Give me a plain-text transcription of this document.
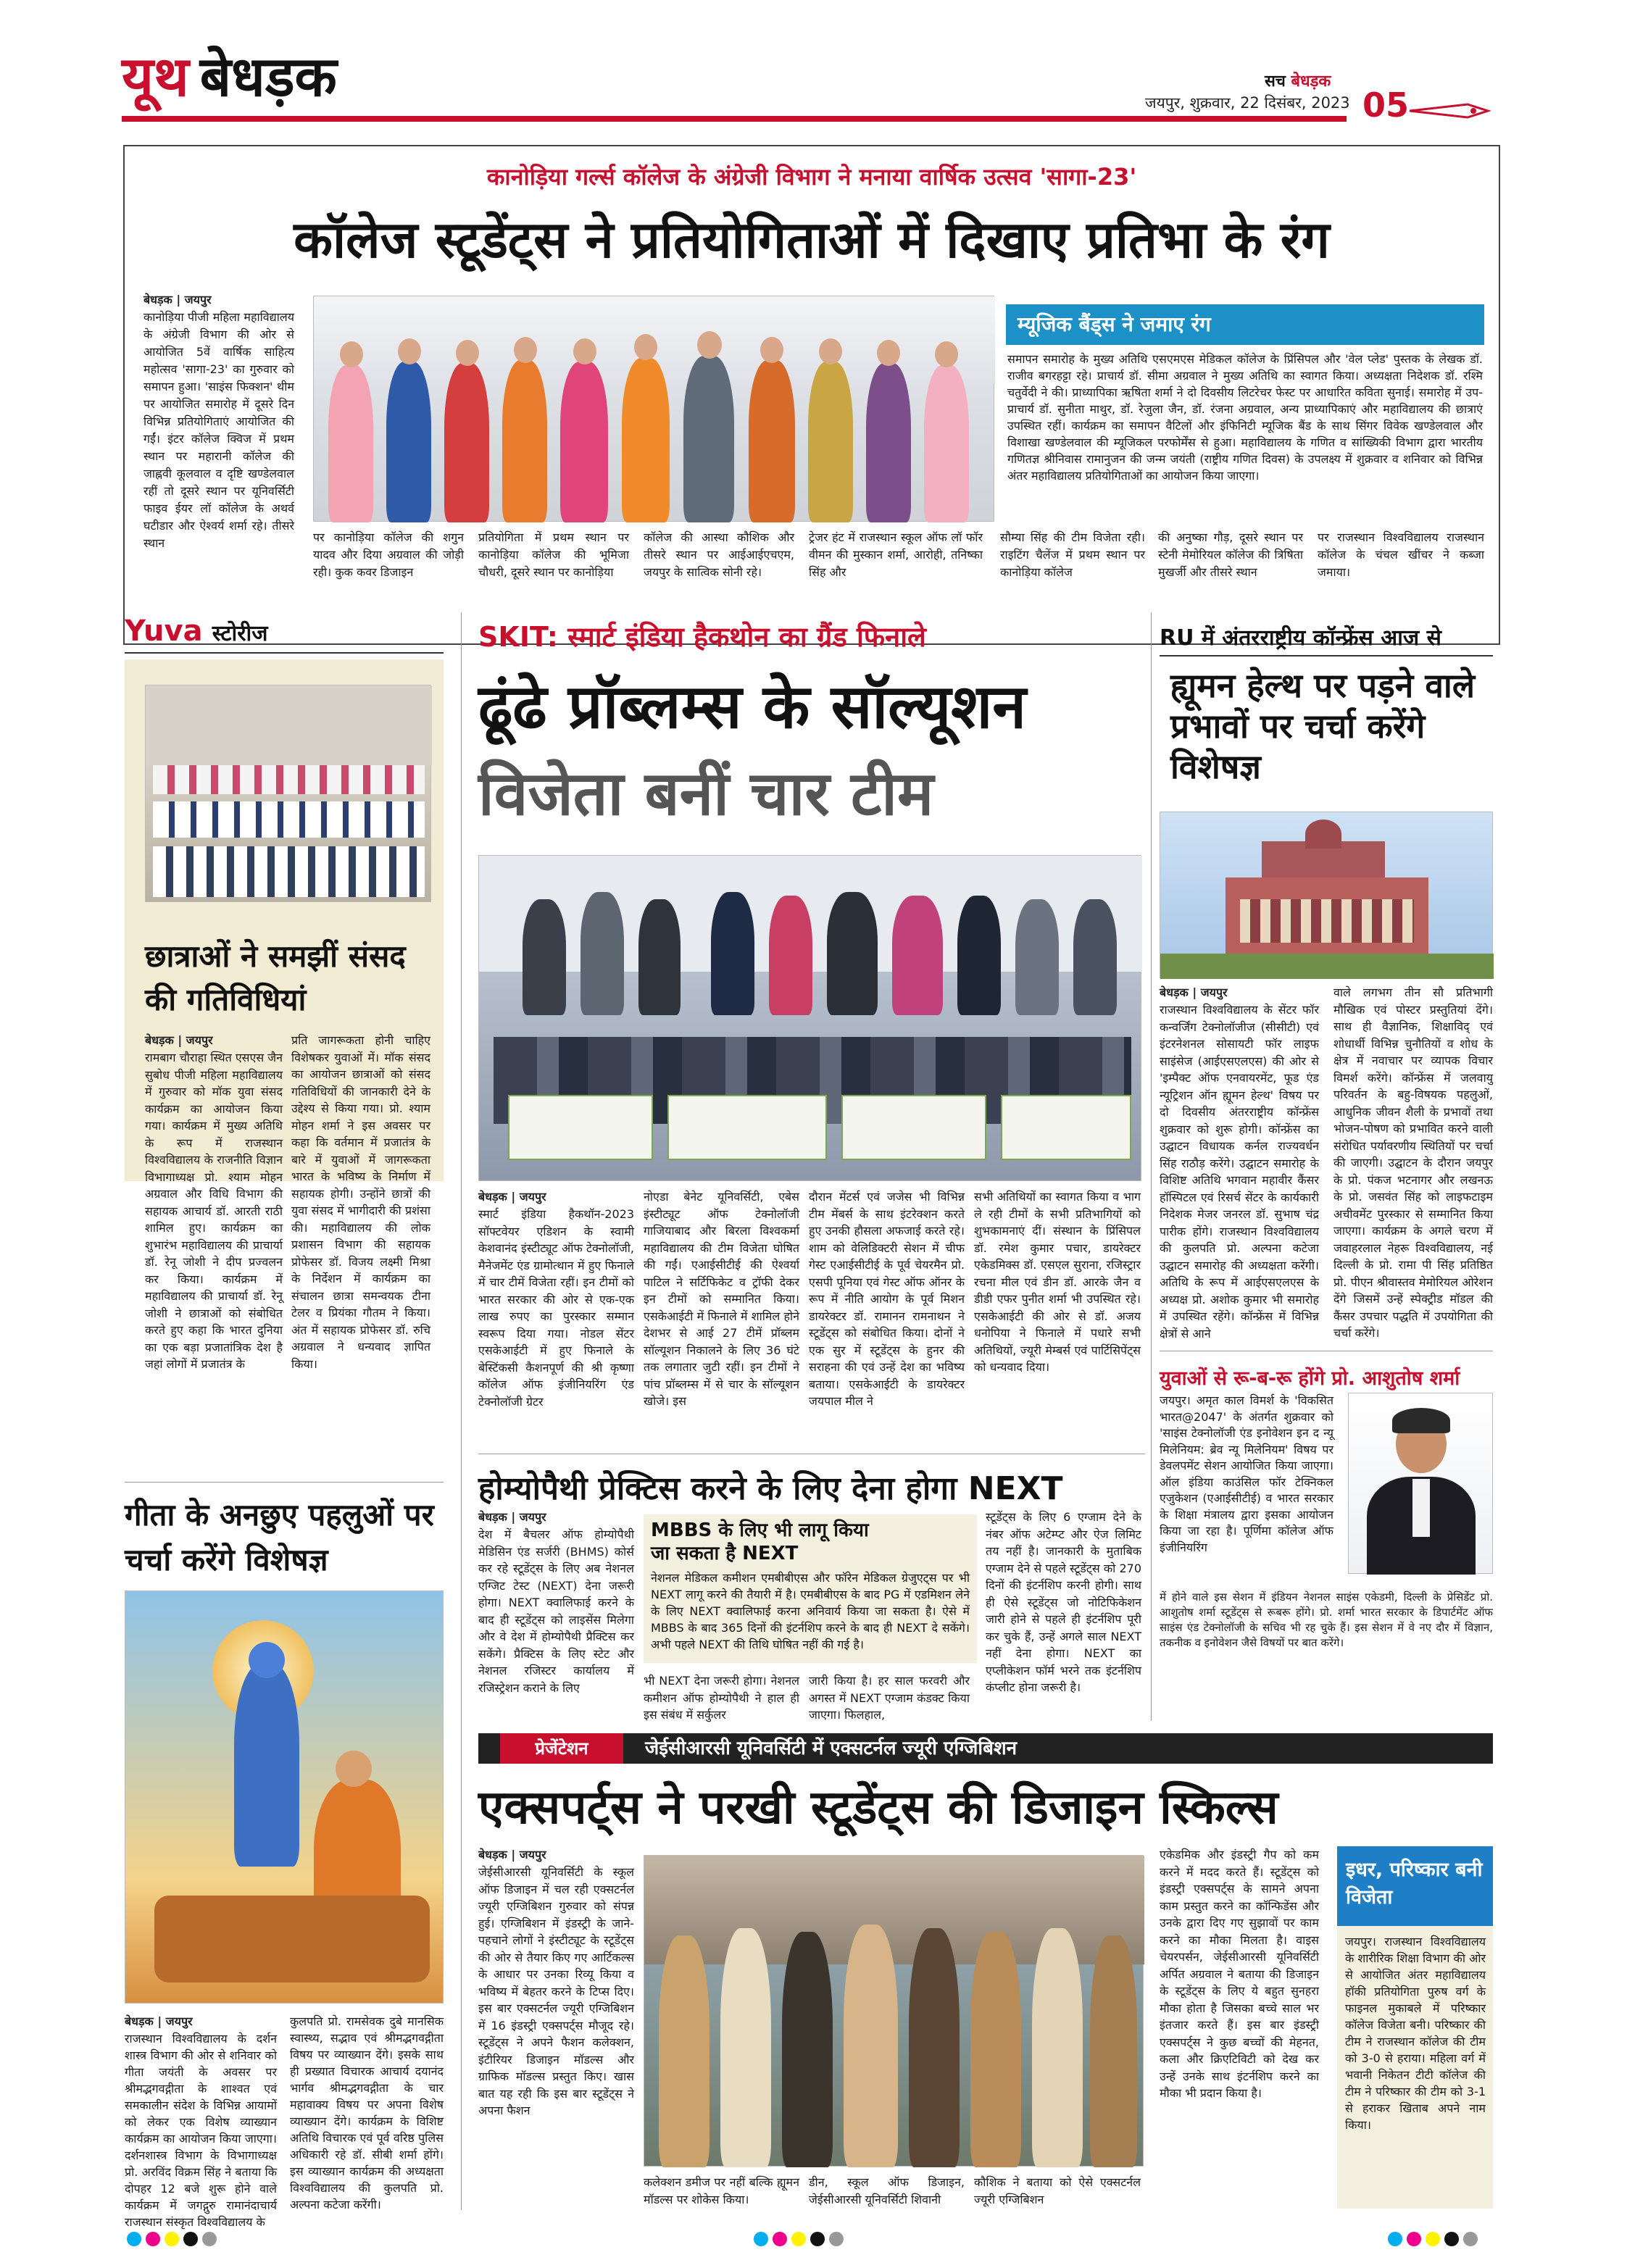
यूथ बेधड़क	सच बेधड़क
जयपुर, शुक्रवार, 22 दिसंबर, 2023 05
कानोड़िया गर्ल्स कॉलेज के अंग्रेजी विभाग ने मनाया वार्षिक उत्सव 'सागा-23'
कॉलेज स्टूडेंट्स ने प्रतियोगिताओं में दिखाए प्रतिभा के रंग
बेधड़क | जयपुर
कानोड़िया पीजी महिला महाविद्यालय के अंग्रेजी विभाग की ओर से आयोजित 5वें वार्षिक साहित्य महोत्सव 'सागा-23' का गुरुवार को समापन हुआ। 'साइंस फिक्शन' थीम पर आयोजित समारोह में दूसरे दिन विभिन्न प्रतियोगिताएं आयोजित की गईं। इंटर कॉलेज क्विज में प्रथम स्थान पर महारानी कॉलेज की जाह्नवी कूलवाल व दृष्टि खण्डेलवाल रहीं तो दूसरे स्थान पर यूनिवर्सिटी फाइव ईयर लॉ कॉलेज के अथर्व घटीडार और ऐश्वर्य शर्मा रहे। तीसरे स्थान	पर कानोड़िया कॉलेज की शगुन यादव और दिया अग्रवाल की जोड़ी रही। कुक कवर डिजाइन
प्रतियोगिता में प्रथम स्थान पर कानोड़िया कॉलेज की भूमिजा चौधरी, दूसरे स्थान पर कानोड़िया
कॉलेज की आस्था कौशिक और तीसरे स्थान पर आईआईएचएम, जयपुर के सात्विक सोनी रहे।
ट्रेजर हंट में राजस्थान स्कूल ऑफ लॉ फॉर वीमन की मुस्कान शर्मा, आरोही, तनिष्का सिंह और
सौम्या सिंह की टीम विजेता रही। राइटिंग चैलेंज में प्रथम स्थान पर कानोड़िया कॉलेज
की अनुष्का गौड़, दूसरे स्थान पर स्टेनी मेमोरियल कॉलेज की त्रिषिता मुखर्जी और तीसरे स्थान
पर राजस्थान विश्वविद्यालय राजस्थान कॉलेज के चंचल खींचर ने कब्जा जमाया।
म्यूजिक बैंड्स ने जमाए रंग
समापन समारोह के मुख्य अतिथि एसएमएस मेडिकल कॉलेज के प्रिंसिपल और 'वेल प्लेड' पुस्तक के लेखक डॉ. राजीव बगरहट्टा रहे। प्राचार्य डॉ. सीमा अग्रवाल ने मुख्य अतिथि का स्वागत किया। अध्यक्षता निदेशक डॉ. रश्मि चतुर्वेदी ने की। प्राध्यापिका ऋषिता शर्मा ने दो दिवसीय लिटरेचर फेस्ट पर आधारित कविता सुनाई। समारोह में उप-प्राचार्य डॉ. सुनीता माथुर, डॉ. रेजुला जैन, डॉ. रंजना अग्रवाल, अन्य प्राध्यापिकाएं और महाविद्यालय की छात्राएं उपस्थित रहीं। कार्यक्रम का समापन वैटिलों और इंफिनिटी म्यूजिक बैंड के साथ सिंगर विवेक खण्डेलवाल और विशाखा खण्डेलवाल की म्यूजिकल परफोर्मेंस से हुआ। महाविद्यालय के गणित व सांख्यिकी विभाग द्वारा भारतीय गणितज्ञ श्रीनिवास रामानुजन की जन्म जयंती (राष्ट्रीय गणित दिवस) के उपलक्ष्य में शुक्रवार व शनिवार को विभिन्न अंतर महाविद्यालय प्रतियोगिताओं का आयोजन किया जाएगा।
Yuva स्टोरीज
छात्राओं ने समझीं संसद की गतिविधियां
बेधड़क | जयपुर
रामबाग चौराहा स्थित एसएस जैन सुबोध पीजी महिला महाविद्यालय में गुरुवार को मॉक युवा संसद कार्यक्रम का आयोजन किया गया। कार्यक्रम में मुख्य अतिथि के रूप में राजस्थान विश्वविद्यालय के राजनीति विज्ञान विभागाध्यक्ष प्रो. श्याम मोहन अग्रवाल और विधि विभाग की सहायक आचार्य डॉ. आरती राठी शामिल हुए। कार्यक्रम का शुभारंभ महाविद्यालय की प्राचार्या डॉ. रेनू जोशी ने दीप प्रज्वलन कर किया। कार्यक्रम में महाविद्यालय की प्राचार्या डॉ. रेनू जोशी ने छात्राओं को संबोधित करते हुए कहा कि भारत दुनिया का एक बड़ा प्रजातांत्रिक देश है जहां लोगों में प्रजातंत्र के
प्रति जागरूकता होनी चाहिए विशेषकर युवाओं में। मॉक संसद का आयोजन छात्राओं को संसद गतिविधियों की जानकारी देने के उद्देश्य से किया गया। प्रो. श्याम मोहन शर्मा ने इस अवसर पर कहा कि वर्तमान में प्रजातंत्र के बारे में युवाओं में जागरूकता भारत के भविष्य के निर्माण में सहायक होगी। उन्होंने छात्रों की युवा संसद में भागीदारी की प्रशंसा की। महाविद्यालय की लोक प्रशासन विभाग की सहायक प्रोफेसर डॉ. विजय लक्ष्मी मिश्रा के निर्देशन में कार्यक्रम का संचालन छात्रा समन्वयक टीना टेलर व प्रियंका गौतम ने किया। अंत में सहायक प्रोफेसर डॉ. रुचि अग्रवाल ने धन्यवाद ज्ञापित किया।
SKIT: स्मार्ट इंडिया हैकथोन का ग्रैंड फिनाले
ढूंढे प्रॉब्लम्स के सॉल्यूशन
विजेता बनीं चार टीम
बेधड़क | जयपुर
स्मार्ट इंडिया हैकथॉन-2023 सॉफ्टवेयर एडिशन के स्वामी केशवानंद इंस्टीट्यूट ऑफ टेक्नोलॉजी, मैनेजमेंट एंड ग्रामोत्थान में हुए फिनाले में चार टीमें विजेता रहीं। इन टीमों को भारत सरकार की ओर से एक-एक लाख रुपए का पुरस्कार सम्मान स्वरूप दिया गया। नोडल सेंटर एसकेआईटी में हुए फिनाले के बेस्टिंकसी कैशनपूर्ण की श्री कृष्णा कॉलेज ऑफ इंजीनियरिंग एंड टेक्नोलॉजी ग्रेटर
नोएडा बेनेट यूनिवर्सिटी, एबेस इंस्टीट्यूट ऑफ टेक्नोलॉजी गाजियाबाद और बिरला विश्वकर्मा महाविद्यालय की टीम विजेता घोषित की गईं। एआईसीटीई की ऐश्वर्या पाटिल ने सर्टिफिकेट व ट्रॉफी देकर इन टीमों को सम्मानित किया। एसकेआईटी में फिनाले में शामिल होने देशभर से आई 27 टीमें प्रॉब्लम सॉल्यूशन निकालने के लिए 36 घंटे तक लगातार जुटी रहीं। इन टीमों ने पांच प्रॉब्लम्स में से चार के सॉल्यूशन खोजे। इस
दौरान मेंटर्स एवं जजेस भी विभिन्न टीम मेंबर्स के साथ इंटरेक्शन करते हुए उनकी हौसला अफजाई करते रहे। शाम को वेलिडिक्टरी सेशन में चीफ गेस्ट एआईसीटीई के पूर्व चेयरमैन प्रो. एसपी पूनिया एवं गेस्ट ऑफ ऑनर के रूप में नीति आयोग के पूर्व मिशन डायरेक्टर डॉ. रामानन रामनाथन ने स्टूडेंट्स को संबोधित किया। दोनों ने एक सुर में स्टूडेंट्स के हुनर की सराहना की एवं उन्हें देश का भविष्य बताया। एसकेआईटी के डायरेक्टर जयपाल मील ने
सभी अतिथियों का स्वागत किया व भाग ले रही टीमों के सभी प्रतिभागियों को शुभकामनाएं दीं। संस्थान के प्रिंसिपल डॉ. रमेश कुमार पचार, डायरेक्टर एकेडमिक्स डॉ. एसएल सुराना, रजिस्ट्रार रचना मील एवं डीन डॉ. आरके जैन व डीडी एफर पुनीत शर्मा भी उपस्थित रहे। एसकेआईटी की ओर से डॉ. अजय धनोपिया ने फिनाले में पधारे सभी अतिथियों, ज्यूरी मेम्बर्स एवं पार्टिसिपेंट्स को धन्यवाद दिया।
RU में अंतरराष्ट्रीय कॉन्फ्रेंस आज से
ह्यूमन हेल्थ पर पड़ने वाले प्रभावों पर चर्चा करेंगे विशेषज्ञ
बेधड़क | जयपुर
राजस्थान विश्वविद्यालय के सेंटर फॉर कन्वर्जिंग टेक्नोलॉजीज (सीसीटी) एवं इंटरनेशनल सोसायटी फॉर लाइफ साइंसेज (आईएसएलएस) की ओर से 'इम्पैक्ट ऑफ एनवायरमेंट, फूड एंड न्यूट्रिशन ऑन ह्यूमन हेल्थ' विषय पर दो दिवसीय अंतरराष्ट्रीय कॉन्फ्रेंस शुक्रवार को शुरू होगी। कॉन्फ्रेंस का उद्घाटन विधायक कर्नल राज्यवर्धन सिंह राठौड़ करेंगे। उद्घाटन समारोह के विशिष्ट अतिथि भगवान महावीर कैंसर हॉस्पिटल एवं रिसर्च सेंटर के कार्यकारी निदेशक मेजर जनरल डॉ. सुभाष चंद्र पारीक होंगे। राजस्थान विश्वविद्यालय की कुलपति प्रो. अल्पना कटेजा उद्घाटन समारोह की अध्यक्षता करेंगी। अतिथि के रूप में आईएसएलएस के अध्यक्ष प्रो. अशोक कुमार भी समारोह में उपस्थित रहेंगे। कॉन्फ्रेंस में विभिन्न क्षेत्रों से आने
वाले लगभग तीन सौ प्रतिभागी मौखिक एवं पोस्टर प्रस्तुतियां देंगे। साथ ही वैज्ञानिक, शिक्षाविद् एवं शोधार्थी विभिन्न चुनौतियों व शोध के क्षेत्र में नवाचार पर व्यापक विचार विमर्श करेंगे। कॉन्फ्रेंस में जलवायु परिवर्तन के बहु-विषयक पहलुओं, आधुनिक जीवन शैली के प्रभावों तथा भोजन-पोषण को प्रभावित करने वाली संरोधित पर्यावरणीय स्थितियों पर चर्चा की जाएगी। उद्घाटन के दौरान जयपुर के प्रो. पंकज भटनागर और लखनऊ के प्रो. जसवंत सिंह को लाइफटाइम अचीवमेंट पुरस्कार से सम्मानित किया जाएगा। कार्यक्रम के अगले चरण में जवाहरलाल नेहरू विश्वविद्यालय, नई दिल्ली के प्रो. रामा पी सिंह प्रतिष्ठित प्रो. पीएन श्रीवास्तव मेमोरियल ओरेशन देंगे जिसमें उन्हें स्पेक्ट्रीड मॉडल की कैंसर उपचार पद्धति में उपयोगिता की चर्चा करेंगे।
गीता के अनछुए पहलुओं पर चर्चा करेंगे विशेषज्ञ
बेधड़क | जयपुर
राजस्थान विश्वविद्यालय के दर्शन शास्त्र विभाग की ओर से शनिवार को गीता जयंती के अवसर पर श्रीमद्भगवद्गीता के शाश्वत एवं समकालीन संदेश के विभिन्न आयामों को लेकर एक विशेष व्याख्यान कार्यक्रम का आयोजन किया जाएगा। दर्शनशास्त्र विभाग के विभागाध्यक्ष प्रो. अरविंद विक्रम सिंह ने बताया कि दोपहर 12 बजे शुरू होने वाले कार्यक्रम में जगद्गुरु रामानंदाचार्य राजस्थान संस्कृत विश्वविद्यालय के
कुलपति प्रो. रामसेवक दुबे मानसिक स्वास्थ्य, सद्भाव एवं श्रीमद्भगवद्गीता विषय पर व्याख्यान देंगे। इसके साथ ही प्रख्यात विचारक आचार्य दयानंद भार्गव श्रीमद्भगवद्गीता के चार महावाक्य विषय पर अपना विशेष व्याख्यान देंगे। कार्यक्रम के विशिष्ट अतिथि विचारक एवं पूर्व वरिष्ठ पुलिस अधिकारी रहे डॉ. सीबी शर्मा होंगे। इस व्याख्यान कार्यक्रम की अध्यक्षता विश्वविद्यालय की कुलपति प्रो. अल्पना कटेजा करेंगी।
होम्योपैथी प्रेक्टिस करने के लिए देना होगा NEXT
बेधड़क | जयपुर
देश में बैचलर ऑफ होम्योपैथी मेडिसिन एंड सर्जरी (BHMS) कोर्स कर रहे स्टूडेंट्स के लिए अब नेशनल एग्जिट टेस्ट (NEXT) देना जरूरी होगा। NEXT क्वालिफाई करने के बाद ही स्टूडेंट्स को लाइसेंस मिलेगा और वे देश में होम्योपैथी प्रैक्टिस कर सकेंगे। प्रैक्टिस के लिए स्टेट और नेशनल रजिस्टर कार्यालय में रजिस्ट्रेशन कराने के लिए
MBBS के लिए भी लागू किया जा सकता है NEXT
नेशनल मेडिकल कमीशन एमबीबीएस और फॉरेन मेडिकल ग्रेजुएट्स पर भी NEXT लागू करने की तैयारी में है। एमबीबीएस के बाद PG में एडमिशन लेने के लिए NEXT क्वालिफाई करना अनिवार्य किया जा सकता है। ऐसे में MBBS के बाद 365 दिनों की इंटर्नशिप करने के बाद ही NEXT दे सकेंगे। अभी पहले NEXT की तिथि घोषित नहीं की गई है।
भी NEXT देना जरूरी होगा। नेशनल कमीशन ऑफ होम्योपैथी ने हाल ही इस संबंध में सर्कुलर
जारी किया है। हर साल फरवरी और अगस्त में NEXT एग्जाम कंडक्ट किया जाएगा। फिलहाल,
स्टूडेंट्स के लिए 6 एग्जाम देने के नंबर ऑफ अटेम्प्ट और ऐज लिमिट तय नहीं है। जानकारी के मुताबिक एग्जाम देने से पहले स्टूडेंट्स को 270 दिनों की इंटर्नशिप करनी होगी। साथ ही ऐसे स्टूडेंट्स जो नोटिफिकेशन जारी होने से पहले ही इंटर्नशिप पूरी कर चुके हैं, उन्हें अगले साल NEXT नहीं देना होगा। NEXT का एप्लीकेशन फॉर्म भरने तक इंटर्नशिप कंप्लीट होना जरूरी है।
युवाओं से रू-ब-रू होंगे प्रो. आशुतोष शर्मा
जयपुर। अमृत काल विमर्श के 'विकसित भारत@2047' के अंतर्गत शुक्रवार को 'साइंस टेक्नोलॉजी एंड इनोवेशन इन द न्यू मिलेनियम: ब्रेव न्यू मिलेनियम' विषय पर डेवलपमेंट सेशन आयोजित किया जाएगा। ऑल इंडिया काउंसिल फॉर टेक्निकल एजुकेशन (एआईसीटीई) व भारत सरकार के शिक्षा मंत्रालय द्वारा इसका आयोजन किया जा रहा है। पूर्णिमा कॉलेज ऑफ इंजीनियरिंग
में होने वाले इस सेशन में इंडियन नेशनल साइंस एकेडमी, दिल्ली के प्रेसिडेंट प्रो. आशुतोष शर्मा स्टूडेंट्स से रूबरू होंगे। प्रो. शर्मा भारत सरकार के डिपार्टमेंट ऑफ साइंस एंड टेक्नोलॉजी के सचिव भी रह चुके हैं। इस सेशन में वे नए दौर में विज्ञान, तकनीक व इनोवेशन जैसे विषयों पर बात करेंगे।
प्रेजेंटेशन	जेईसीआरसी यूनिवर्सिटी में एक्सटर्नल ज्यूरी एग्जिबिशन
एक्सपर्ट्स ने परखी स्टूडेंट्स की डिजाइन स्किल्स
बेधड़क | जयपुर
जेईसीआरसी यूनिवर्सिटी के स्कूल ऑफ डिजाइन में चल रही एक्सटर्नल ज्यूरी एग्जिबिशन गुरुवार को संपन्न हुई। एग्जिबिशन में इंडस्ट्री के जाने-पहचाने लोगों ने इंस्टीट्यूट के स्टूडेंट्स की ओर से तैयार किए गए आर्टिकल्स के आधार पर उनका रिव्यू किया व भविष्य में बेहतर करने के टिप्स दिए। इस बार एक्सटर्नल ज्यूरी एग्जिबिशन में 16 इंडस्ट्री एक्सपर्ट्स मौजूद रहे। स्टूडेंट्स ने अपने फैशन कलेक्शन, इंटीरियर डिजाइन मॉडल्स और ग्राफिक मॉडल्स प्रस्तुत किए। खास बात यह रही कि इस बार स्टूडेंट्स ने अपना फैशन
कलेक्शन डमीज पर नहीं बल्कि ह्यूमन मॉडल्स पर शोकेस किया।
डीन, स्कूल ऑफ डिजाइन, जेईसीआरसी यूनिवर्सिटी शिवानी
कौशिक ने बताया को ऐसे एक्सटर्नल ज्यूरी एग्जिबिशन
एकेडमिक और इंडस्ट्री गैप को कम करने में मदद करते हैं। स्टूडेंट्स को इंडस्ट्री एक्सपर्ट्स के सामने अपना काम प्रस्तुत करने का कॉन्फिडेंस और उनके द्वारा दिए गए सुझावों पर काम करने का मौका मिलता है। वाइस चेयरपर्सन, जेईसीआरसी यूनिवर्सिटी अर्पित अग्रवाल ने बताया की डिजाइन के स्टूडेंट्स के लिए ये बहुत सुनहरा मौका होता है जिसका बच्चे साल भर इंतजार करते हैं। इस बार इंडस्ट्री एक्सपर्ट्स ने कुछ बच्चों की मेहनत, कला और क्रिएटिविटी को देख कर उन्हें उनके साथ इंटर्नशिप करने का मौका भी प्रदान किया है।
इधर, परिष्कार बनी विजेता
जयपुर। राजस्थान विश्वविद्यालय के शारीरिक शिक्षा विभाग की ओर से आयोजित अंतर महाविद्यालय हॉकी प्रतियोगिता पुरुष वर्ग के फाइनल मुकाबले में परिष्कार कॉलेज विजेता बनी। परिष्कार की टीम ने राजस्थान कॉलेज की टीम को 3-0 से हराया। महिला वर्ग में भवानी निकेतन टीटी कॉलेज की टीम ने परिष्कार की टीम को 3-1 से हराकर खिताब अपने नाम किया।
